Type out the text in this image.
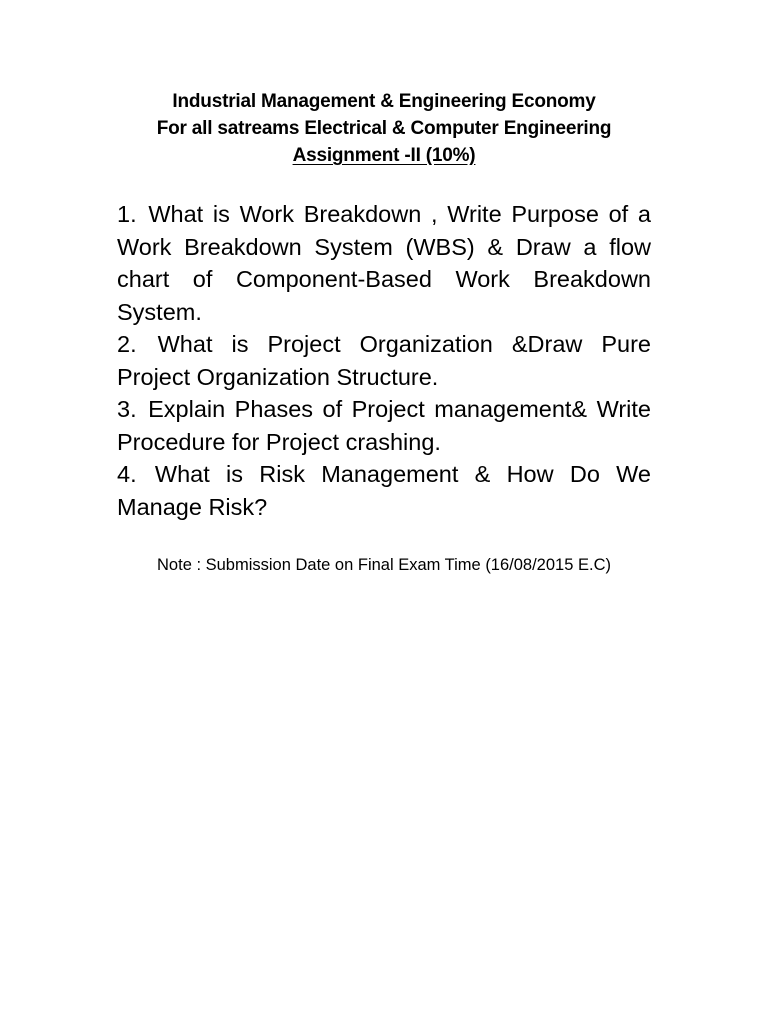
Industrial Management & Engineering Economy
For all satreams Electrical & Computer Engineering
Assignment -II (10%)
1. What is Work Breakdown , Write Purpose of a Work Breakdown System (WBS) & Draw a flow chart of Component-Based Work Breakdown System.
2. What is Project Organization &Draw Pure Project Organization Structure.
3. Explain Phases of Project management& Write Procedure for Project crashing.
4. What is Risk Management & How Do We Manage Risk?
Note : Submission Date on Final Exam Time (16/08/2015 E.C)
